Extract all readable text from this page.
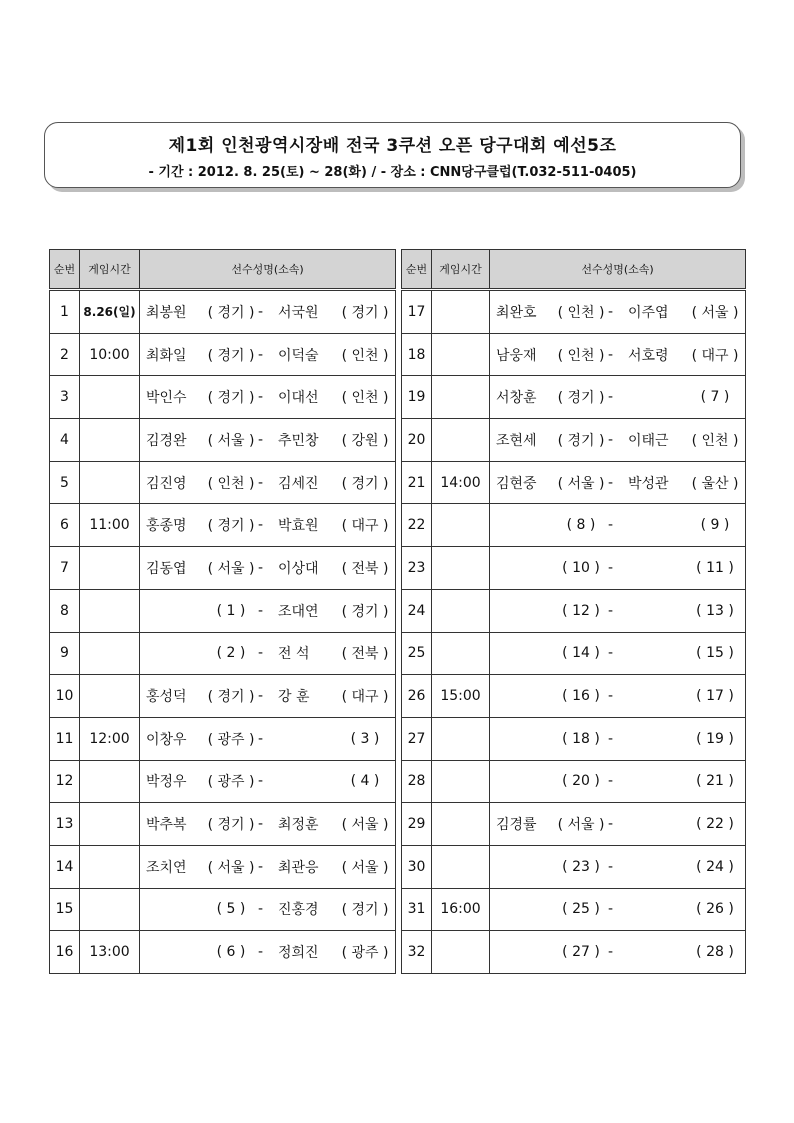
제1회 인천광역시장배 전국 3쿠션 오픈 당구대회 예선5조
- 기간 : 2012. 8. 25(토) ~ 28(화) / - 장소 : CNN당구클럽(T.032-511-0405)
순번	게임시간	선수성명(소속)
1	8.26(일)	최봉원 ( 경기 ) - 서국원 ( 경기 )

2	10:00	최화일 ( 경기 ) - 이덕술 ( 인천 )

3		박인수 ( 경기 ) - 이대선 ( 인천 )

4		김경완 ( 서울 ) - 추민창 ( 강원 )

5		김진영 ( 인천 ) - 김세진 ( 경기 )

6	11:00	홍종명 ( 경기 ) - 박효원 ( 대구 )

7		김동엽 ( 서울 ) - 이상대 ( 전북 )

8		( 1 ) - 조대연 ( 경기 )

9		( 2 ) - 전 석 ( 전북 )

10		홍성덕 ( 경기 ) - 강 훈 ( 대구 )

11	12:00	이창우 ( 광주 ) - ( 3 )

12		박정우 ( 광주 ) - ( 4 )

13		박추복 ( 경기 ) - 최정훈 ( 서울 )

14		조치연 ( 서울 ) - 최관응 ( 서울 )

15		( 5 ) - 진홍경 ( 경기 )

16	13:00	( 6 ) - 정희진 ( 광주 )
순번	게임시간	선수성명(소속)
17		최완호 ( 인천 ) - 이주엽 ( 서울 )

18		남웅재 ( 인천 ) - 서호령 ( 대구 )

19		서창훈 ( 경기 ) - ( 7 )

20		조현세 ( 경기 ) - 이태근 ( 인천 )

21	14:00	김현중 ( 서울 ) - 박성관 ( 울산 )

22		( 8 ) - ( 9 )

23		( 10 ) - ( 11 )

24		( 12 ) - ( 13 )

25		( 14 ) - ( 15 )

26	15:00	( 16 ) - ( 17 )

27		( 18 ) - ( 19 )

28		( 20 ) - ( 21 )

29		김경률 ( 서울 ) - ( 22 )

30		( 23 ) - ( 24 )

31	16:00	( 25 ) - ( 26 )

32		( 27 ) - ( 28 )
